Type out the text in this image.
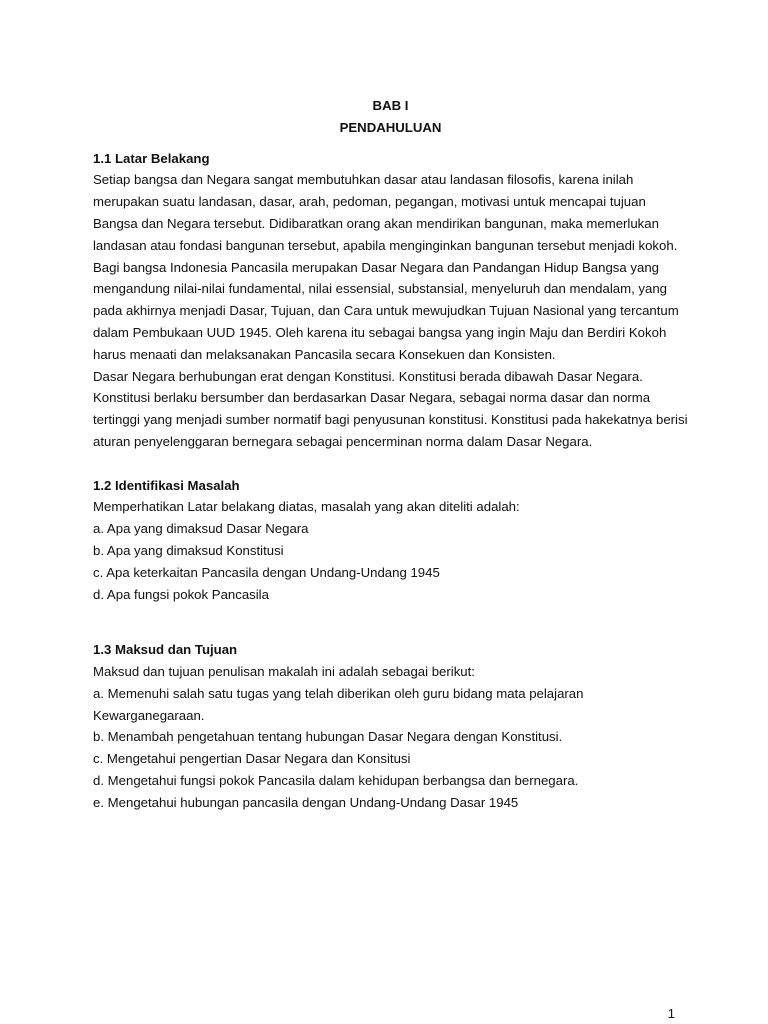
BAB I

PENDAHULUAN

1.1 Latar Belakang

Setiap bangsa dan Negara sangat membutuhkan dasar atau landasan filosofis, karena inilah merupakan suatu landasan, dasar, arah, pedoman, pegangan, motivasi untuk mencapai tujuan Bangsa dan Negara tersebut. Didibaratkan orang akan mendirikan bangunan, maka memerlukan landasan atau fondasi bangunan tersebut, apabila menginginkan bangunan tersebut menjadi kokoh.

Bagi bangsa Indonesia Pancasila merupakan Dasar Negara dan Pandangan Hidup Bangsa yang mengandung nilai-nilai fundamental, nilai essensial, substansial, menyeluruh dan mendalam, yang pada akhirnya menjadi Dasar, Tujuan, dan Cara untuk mewujudkan Tujuan Nasional yang tercantum dalam Pembukaan UUD 1945. Oleh karena itu sebagai bangsa yang ingin Maju dan Berdiri Kokoh harus menaati dan melaksanakan Pancasila secara Konsekuen dan Konsisten.

Dasar Negara berhubungan erat dengan Konstitusi. Konstitusi berada dibawah Dasar Negara. Konstitusi berlaku bersumber dan berdasarkan Dasar Negara, sebagai norma dasar dan norma tertinggi yang menjadi sumber normatif bagi penyusunan konstitusi. Konstitusi pada hakekatnya berisi aturan penyelenggaran bernegara sebagai pencerminan norma dalam Dasar Negara.

1.2 Identifikasi Masalah

Memperhatikan Latar belakang diatas, masalah yang akan diteliti adalah:

a. Apa yang dimaksud Dasar Negara
b. Apa yang dimaksud Konstitusi
c. Apa keterkaitan Pancasila dengan Undang-Undang 1945
d. Apa fungsi pokok Pancasila

1.3 Maksud dan Tujuan

Maksud dan tujuan penulisan makalah ini adalah sebagai berikut:

a. Memenuhi salah satu tugas yang telah diberikan oleh guru bidang mata pelajaran Kewarganegaraan.
b. Menambah pengetahuan tentang hubungan Dasar Negara dengan Konstitusi.
c. Mengetahui pengertian Dasar Negara dan Konsitusi
d. Mengetahui fungsi pokok Pancasila dalam kehidupan berbangsa dan bernegara.
e. Mengetahui hubungan pancasila dengan Undang-Undang Dasar 1945
1
